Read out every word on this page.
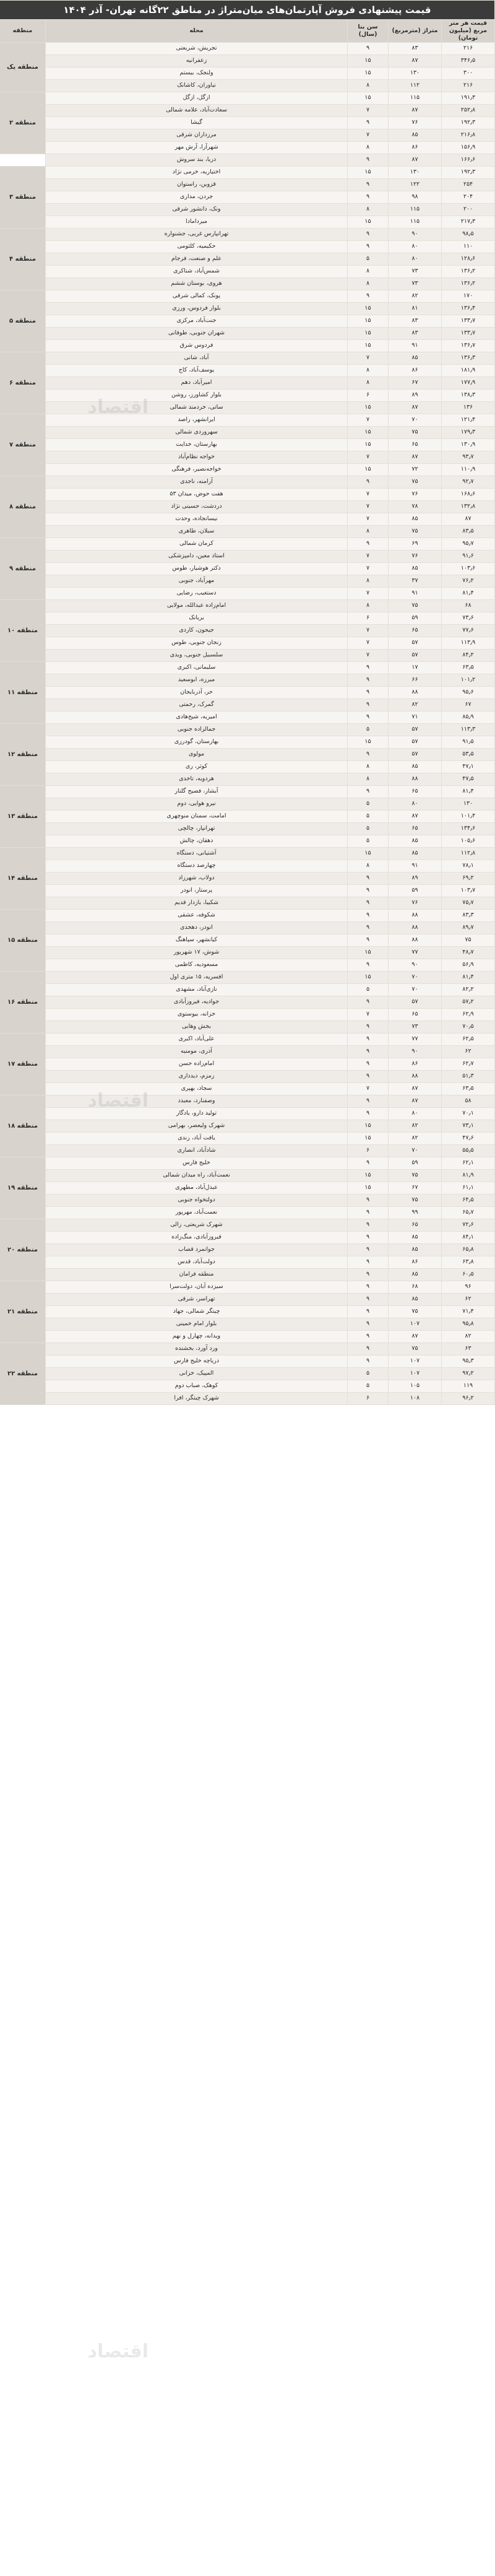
قیمت پیشنهادی فروش آپارتمان‌های میان‌متراژ در مناطق ۲۲گانه تهران- آذر ۱۴۰۴				
قیمت هر متر مربع (میلیون تومان)	متراژ (مترمربع)	سن بنا (سال)	محله	منطقه
۲۱۶	۸۳	۹	تجریش، شریعتی	منطقه یک
۳۴۶٫۵	۸۷	۱۵	زعفرانیه	
۳۰۰	۱۳۰	۱۵	ولنجک، بیستم	
۲۱۶	۱۱۲	۸	نیاوران، کاشانک	
۱۹۱٫۳	۱۱۵	۱۵	ازگل، ازگل	منطقه ۲
۲۵۲٫۸	۸۷	۷	سعادت‌آباد، علامه شمالی	
۱۹۲٫۳	۷۶	۹	گیشا	
۲۱۶٫۸	۸۵	۷	مرزداران شرقی	
۱۵۶٫۹	۸۶	۸	شهرآرا، آرش مهر	
۱۶۶٫۶	۸۷	۹	دریا، بند سروش	
۱۹۲٫۳	۱۳۰	۱۵	اختیاریه، خرمی نژاد	منطقه ۳
۲۵۴	۱۲۲	۹	قزوین، راستوان	
۲۰۴	۹۸	۹	جردن، مداری	
۲۰۰	۱۱۵	۸	ونک، دانشور شرقی	
۲۱۷٫۳	۱۱۵	۱۵	میردامادا	
۹۸٫۵	۹۰	۹	تهرانپارس غربی، جشنواره	منطقه ۴
۱۱۰	۸۰	۹	حکیمیه، کلثومی	
۱۲۸٫۶	۸۰	۵	علم و صنعت، فرجام	
۱۳۶٫۲	۷۳	۸	شمس‌آباد، شناکری	
۱۳۶٫۲	۷۳	۸	هروی، بوستان ششم	
۱۷۰	۸۲	۹	پونک، کمالی شرقی	منطقه ۵
۱۳۶٫۴	۸۱	۱۵	بلوار فردوس، ورزی	
۱۳۳٫۷	۸۳	۱۵	جنت‌آباد، مرکزی	
۱۳۳٫۷	۸۳	۱۵	شهران جنوبی، طوفانی	
۱۳۶٫۷	۹۱	۱۵	فردوس شرق	
۱۳۶٫۳	۸۵	۷	آباد، شانی	منطقه ۶
۱۸۱٫۹	۸۶	۸	یوسف‌آباد، کاج	
۱۷۷٫۹	۶۷	۸	امیرآباد، دهم	
۱۳۸٫۳	۸۹	۶	بلوار کشاورز، روشن	
۱۳۶	۸۷	۱۵	ساتی، خردمند شمالی	
۱۲۱٫۴	۷۰	۷	ایرانشهر، راصد	منطقه ۷
۱۷۹٫۳	۷۵	۱۵	سهروردی شمالی	
۱۳۰٫۹	۶۵	۱۵	بهارستان، خدایت	
۹۳٫۷	۸۷	۷	خواجه نظام‌آباد	
۱۱۰٫۹	۷۲	۱۵	خواجه‌نصیر، فرهنگی	
۹۲٫۷	۷۵	۹	آرامنه، ناجدی	منطقه ۸
۱۶۸٫۶	۷۶	۷	هفت حوض، میدان ۵۳	
۱۳۲٫۸	۷۸	۷	دردشت، حسینی نژاد	
۸۷	۸۵	۷	نیسانجاده، وحدت	
۸۳٫۵	۷۵	۸	سبلان، طاهری	
۹۵٫۷	۶۹	۹	کرمان شمالی	منطقه ۹
۹۱٫۶	۷۶	۷	استاد معین، دامپزشکی	
۱۰۳٫۶	۸۵	۷	دکتر هوشیار، طوس	
۷۶٫۲	۳۷	۸	مهرآباد، جنوبی	
۸۱٫۴	۹۱	۷	دستغیب، رضایی	
۶۸	۷۵	۸	امام‌زاده عبدالله، مولایی	منطقه ۱۰
۷۳٫۶	۵۹	۶	بریانک	
۷۷٫۶	۶۵	۷	جیحون، کاردی	
۱۱۳٫۹	۵۷	۷	زنجان جنوبی، طوس	
۸۴٫۲	۵۷	۷	سلسبیل جنوبی، ویدی	
۶۳٫۵	۱۷	۹	سلیمانی، اکبری	منطقه ۱۱
۱۰۱٫۲	۶۶	۹	میرزه، ابوسعید	
۹۵٫۶	۸۸	۹	حر، آذربایجان	
۶۷	۸۲	۹	گمرک، رحمتی	
۸۵٫۹	۷۱	۹	امیریه، شیخ‌هادی	
۱۱۳٫۳	۵۷	۵	جمالزاده جنوبی	منطقه ۱۲
۹۱٫۵	۵۷	۱۵	بهارستان، گودرزی	
۵۳٫۵	۵۷	۹	مولوی	
۴۷٫۱	۸۵	۸	کوثر، ری	
۴۷٫۵	۸۸	۸	هردویه، تاخدی	
۸۱٫۴	۶۵	۹	آبشار، فصیح گلنار	منطقه ۱۳
۱۳۰	۸۰	۵	نیرو هوایی، دوم	
۱۰۱٫۴	۸۷	۵	امامت، سمنان منوچهری	
۱۳۴٫۶	۶۵	۵	تهرانپار، چالچی	
۱۰۵٫۶	۸۵	۵	دهقان، چالش	
۱۱۲٫۸	۸۵	۱۵	آشتیانی، دستگاه	منطقه ۱۴
۷۸٫۱	۹۱	۸	چهارصد دستگاه	
۶۹٫۲	۸۹	۹	دولاب، شهرزاد	
۱۰۳٫۷	۵۹	۹	پرستار، انودر	
۷۵٫۷	۷۶	۹	شکیبا، بازدار قدیم	
۸۳٫۳	۸۸	۹	شکوفه، عشقی	منطقه ۱۵
۸۹٫۷	۸۸	۹	انودر، دهخدی	
۷۵	۸۸	۹	کیانشهر، سپاهنگ	
۴۸٫۷	۷۷	۱۵	شوش، ۱۷ شهریور	
۵۶٫۹	۹۰	۹	مسعودیه، کاظمی	
۸۱٫۴	۷۰	۱۵	افسریه، ۱۵ متری اول	منطقه ۱۶
۸۲٫۲	۷۰	۵	نازی‌آباد، مشهدی	
۵۷٫۲	۵۷	۹	جوادیه، فیروزآبادی	
۶۲٫۹	۶۵	۷	خزانه، بیوستوی	
۷۰٫۵	۷۳	۹	بخش وهابی	
۶۲٫۵	۷۷	۹	علی‌آباد، اکبری	منطقه ۱۷
۶۲	۹۰	۹	آذری، مومنیه	
۶۲٫۷	۸۶	۹	امام‌زاده حسن	
۵۱٫۳	۸۸	۹	زمزم، دیدداری	
۶۳٫۵	۸۷	۷	سجاد، بهپری	
۵۸	۸۷	۹	وصفنارد، معبدد	منطقه ۱۸
۷۰٫۱	۸۰	۹	تولید دارو، یادگار	
۷۳٫۱	۸۲	۱۵	شهرک ولیعصر، بهرامی	
۴۷٫۶	۸۲	۱۵	یافت آباد، زندی	
۵۵٫۵	۷۰	۶	شادآباد، انصاری	
۶۲٫۱	۵۹	۹	خلیج فارس	منطقه ۱۹
۸۱٫۹	۷۵	۱۵	نعمت‌آباد، راه میدان شمالی	
۶۱٫۱	۶۷	۱۵	عبدل‌آباد، مطهری	
۶۴٫۵	۷۵	۹	دولتخواه جنوبی	
۶۵٫۷	۹۹	۹	نعمت‌آباد، مهرپور	
۷۲٫۶	۶۵	۹	شهرک شریعتی، زالی	منطقه ۲۰
۸۴٫۱	۸۵	۹	فیروزآبادی، منگ‌زاده	
۶۵٫۸	۸۵	۹	جوانمرد قصاب	
۶۳٫۸	۸۶	۹	دولت‌آباد، قدس	
۶۰٫۵	۸۵	۹	منطقه فرامان	
۹۶	۶۸	۹	سیزده آبان، دولت‌سرا	منطقه ۲۱
۶۲	۸۵	۹	تهراسر، شرقی	
۷۱٫۴	۷۵	۹	چیتگر شمالی، جهاد	
۹۵٫۸	۱۰۷	۹	بلوار امام خمینی	
۸۲	۸۷	۹	ویدانه، چهارل و نهم	
۶۳	۷۵	۹	ورد آورد، بخشنده	منطقه ۲۲
۹۵٫۳	۱۰۷	۹	دریاچه خلیج فارس	
۹۷٫۲	۱۰۷	۵	المپیک، خزانی	
۱۱۹	۱۰۵	۵	کوهک، صباب دوم	
۹۶٫۲	۱۰۸	۶	شهرک چیتگر، افرا	
اقتصاد
